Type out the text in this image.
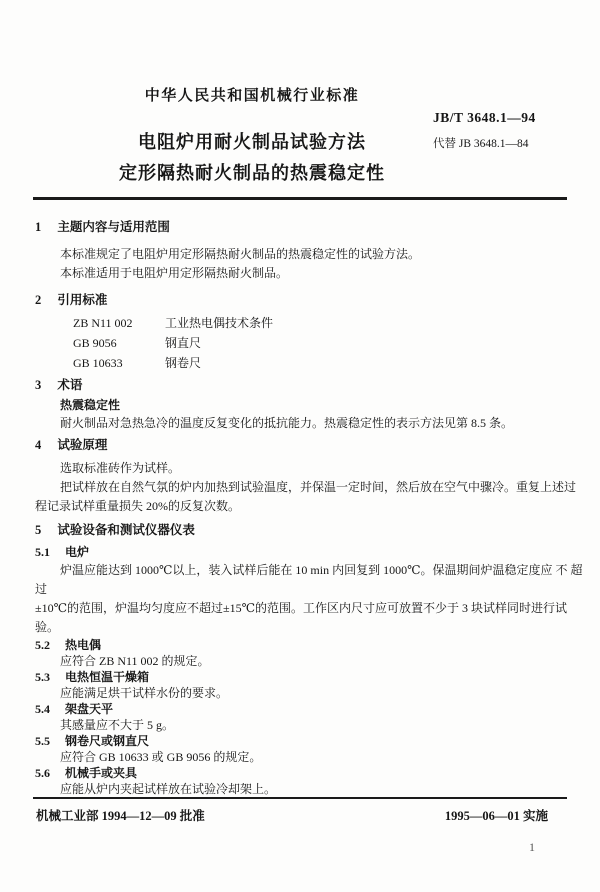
中华人民共和国机械行业标准
电阻炉用耐火制品试验方法
定形隔热耐火制品的热震稳定性
JB/T 3648.1—94
代替 JB 3648.1—84
1 主题内容与适用范围
本标准规定了电阻炉用定形隔热耐火制品的热震稳定性的试验方法。
本标准适用于电阻炉用定形隔热耐火制品。
2 引用标准
ZB N11 002	工业热电偶技术条件
GB 9056	钢直尺
GB 10633	钢卷尺
3 术语
热震稳定性
耐火制品对急热急冷的温度反复变化的抵抗能力。热震稳定性的表示方法见第 8.5 条。
4 试验原理
选取标准砖作为试样。
把试样放在自然气氛的炉内加热到试验温度，并保温一定时间，然后放在空气中骤冷。重复上述过
程记录试样重量损失 20%的反复次数。
5 试验设备和测试仪器仪表
5.1 电炉
炉温应能达到 1000℃以上，装入试样后能在 10 min 内回复到 1000℃。保温期间炉温稳定度应 不 超
过
±10℃的范围，炉温均匀度应不超过±15℃的范围。工作区内尺寸应可放置不少于 3 块试样同时进行试
验。
5.2 热电偶
应符合 ZB N11 002 的规定。
5.3 电热恒温干燥箱
应能满足烘干试样水份的要求。
5.4 架盘天平
其感量应不大于 5 g。
5.5 钢卷尺或钢直尺
应符合 GB 10633 或 GB 9056 的规定。
5.6 机械手或夹具
应能从炉内夹起试样放在试验冷却架上。
机械工业部 1994—12—09 批准	1995—06—01 实施
1
